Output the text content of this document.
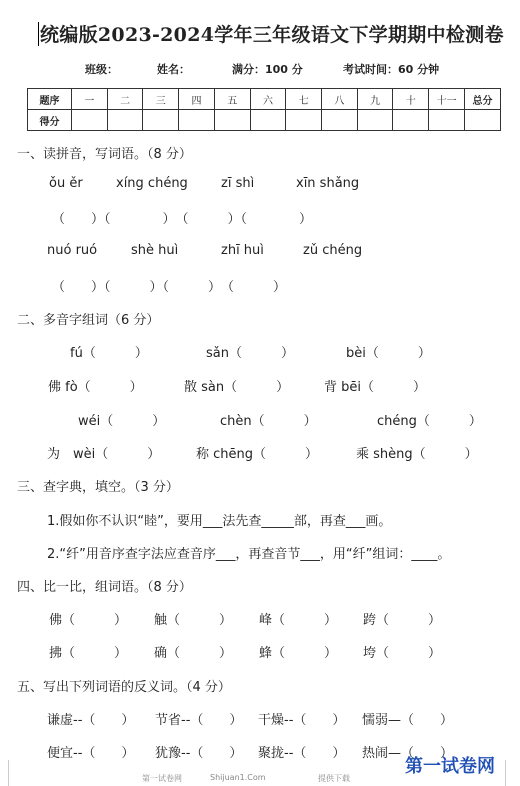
统编版2023-2024学年三年级语文下学期期中检测卷
班级：	姓名：	满分：100 分	考试时间：60 分钟
题序	一	二	三	四	五	六	七	八	九	十	十一	总分
得分												
一、读拼音，写词语。（8 分）
ǒu ěr	xíng chéng	zī shì	xīn shǎng
（　　）（　　　　）　（　　　）（　　　　）
nuó ruó	shè huì	zhī huì	zǔ chéng
（　　）（　　　）（　　　）　（　　　）
二、多音字组词（6 分）
fú（　　　）	sǎn（　　　）	bèi（　　　）
佛 fò（　　　）	散 sàn（　　　）	背 bēi（　　　）
wéi（　　　）	chèn（　　　）	chéng（　　　）
为　wèi（　　　）	称 chēng（　　　）	乘 shèng（　　　）
三、查字典，填空。（3 分）
1.假如你不认识“睦”，要用___法先查_____部，再查___画。
2.“纤”用音序查字法应查音序___，再查音节___，用“纤”组词：____。
四、比一比，组词语。（8 分）
佛（　　　） 触（　　　） 峰（　　　） 跨（　　　）
拂（　　　） 确（　　　） 蜂（　　　） 垮（　　　）
五、写出下列词语的反义词。（4 分）
谦虚--（　　） 节省--（　　） 干燥--（　　） 懦弱—（　　）
便宜--（　　） 犹豫--（　　） 聚拢--（　　） 热闹—（　　）
第一试卷网	Shijuan1.Com	提供下载
第一试卷网
